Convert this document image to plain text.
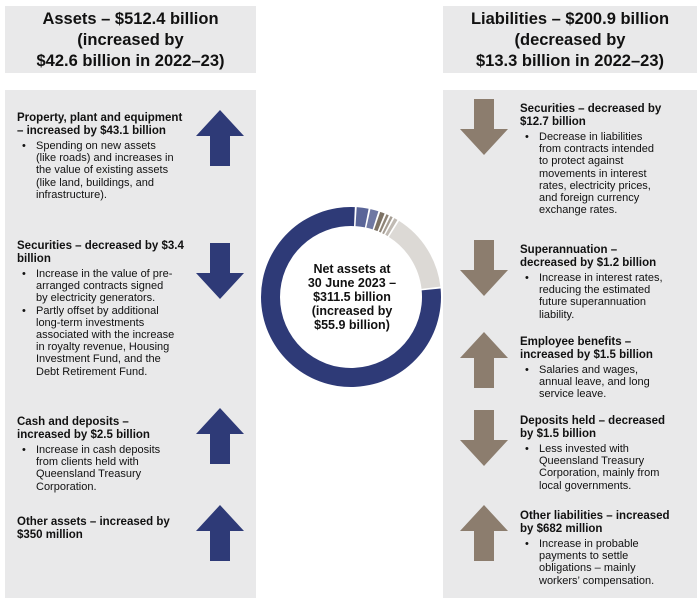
Assets – $512.4 billion
(increased by
$42.6 billion in 2022–23)
Liabilities – $200.9 billion
(decreased by
$13.3 billion in 2022–23)
Property, plant and equipment
– increased by $43.1 billion
• Spending on new assets
(like roads) and increases in
the value of existing assets
(like land, buildings, and
infrastructure).
Securities – decreased by $3.4
billion
• Increase in the value of pre-
arranged contracts signed
by electricity generators.
• Partly offset by additional
long-term investments
associated with the increase
in royalty revenue, Housing
Investment Fund, and the
Debt Retirement Fund.
Cash and deposits –
increased by $2.5 billion
• Increase in cash deposits
from clients held with
Queensland Treasury
Corporation.
Other assets – increased by
$350 million
Securities – decreased by
$12.7 billion
• Decrease in liabilities
from contracts intended
to protect against
movements in interest
rates, electricity prices,
and foreign currency
exchange rates.
Superannuation –
decreased by $1.2 billion
• Increase in interest rates,
reducing the estimated
future superannuation
liability.
Employee benefits –
increased by $1.5 billion
• Salaries and wages,
annual leave, and long
service leave.
Deposits held – decreased
by $1.5 billion
• Less invested with
Queensland Treasury
Corporation, mainly from
local governments.
Other liabilities – increased
by $682 million
• Increase in probable
payments to settle
obligations – mainly
workers’ compensation.
Net assets at
30 June 2023 –
$311.5 billion
(increased by
$55.9 billion)
